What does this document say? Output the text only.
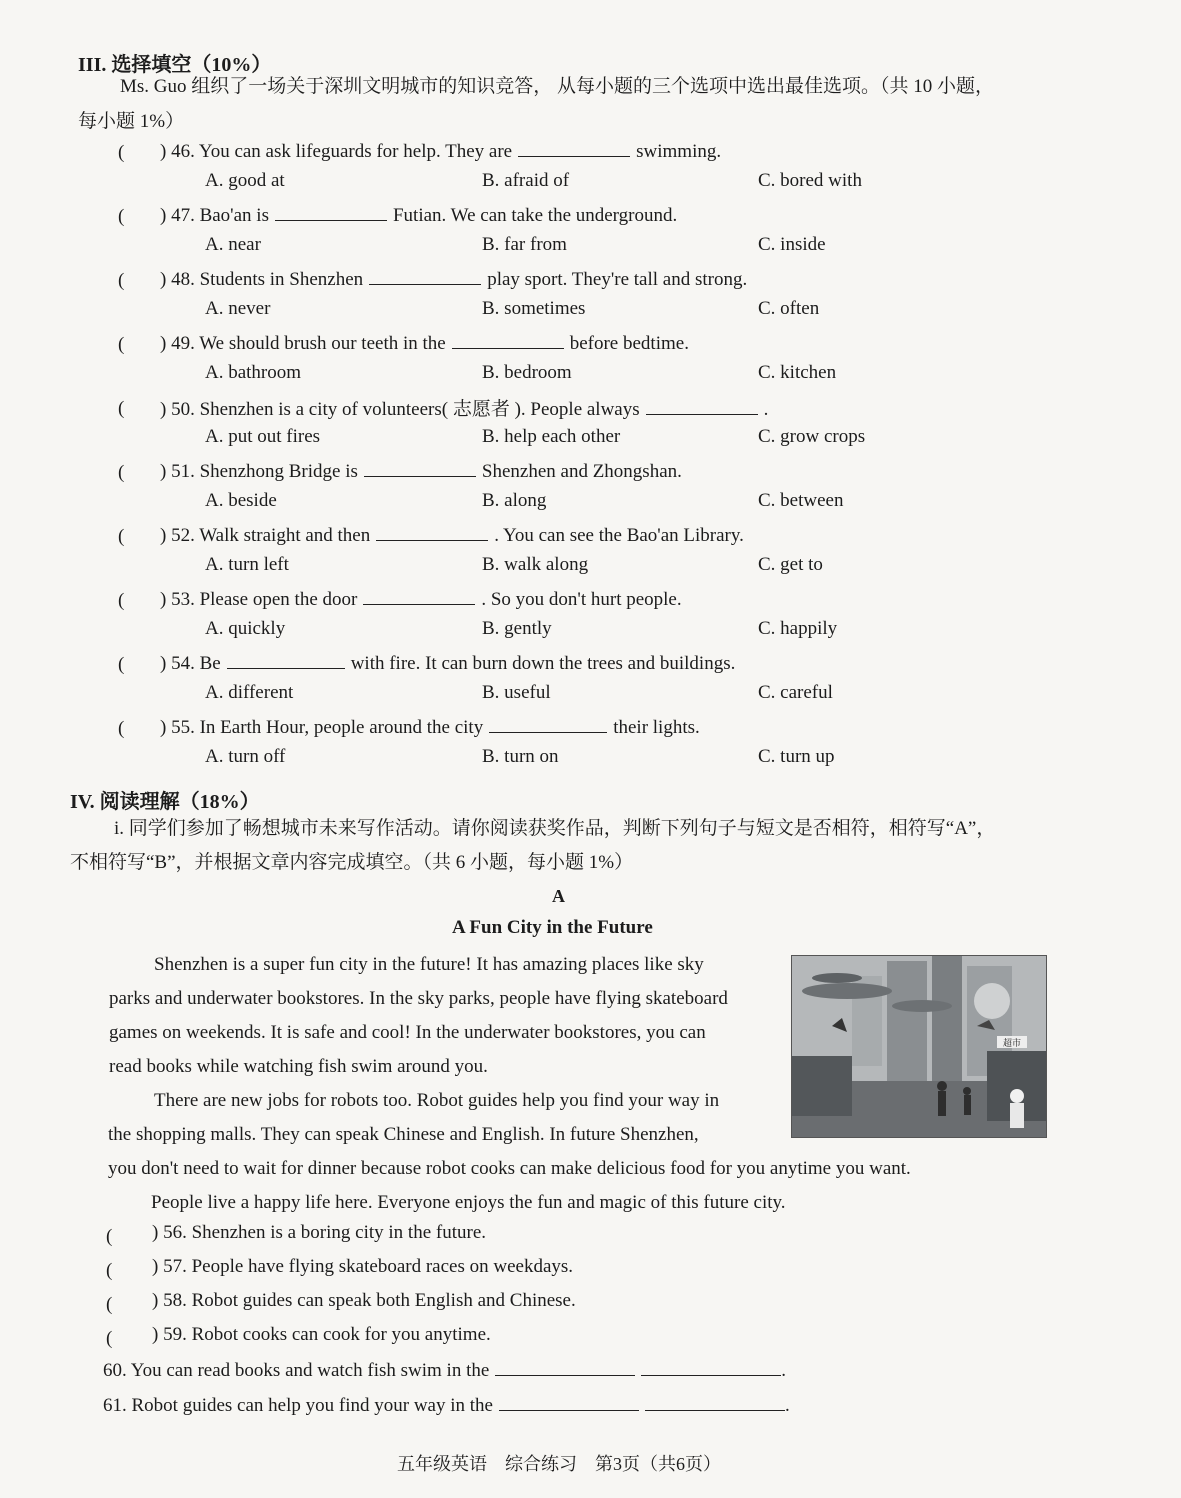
III. 选择填空（10%）
Ms. Guo 组织了一场关于深圳文明城市的知识竞答， 从每小题的三个选项中选出最佳选项。（共 10 小题，
每小题 1%）
( ) 46. You can ask lifeguards for help. They are	swimming.
A. good at	B. afraid of	C. bored with
( ) 47. Bao'an is	Futian. We can take the underground.
A. near	B. far from	C. inside
( ) 48. Students in Shenzhen	play sport. They're tall and strong.
A. never	B. sometimes	C. often
( ) 49. We should brush our teeth in the	before bedtime.
A. bathroom	B. bedroom	C. kitchen
( ) 50. Shenzhen is a city of volunteers( 志愿者 ). People always	.
A. put out fires	B. help each other	C. grow crops
( ) 51. Shenzhong Bridge is	Shenzhen and Zhongshan.
A. beside	B. along	C. between
( ) 52. Walk straight and then	. You can see the Bao'an Library.
A. turn left	B. walk along	C. get to
( ) 53. Please open the door	. So you don't hurt people.
A. quickly	B. gently	C. happily
( ) 54. Be	with fire. It can burn down the trees and buildings.
A. different	B. useful	C. careful
( ) 55. In Earth Hour, people around the city	their lights.
A. turn off	B. turn on	C. turn up
IV. 阅读理解（18%）
i. 同学们参加了畅想城市未来写作活动。请你阅读获奖作品，判断下列句子与短文是否相符，相符写“A”，
不相符写“B”，并根据文章内容完成填空。（共 6 小题，每小题 1%）
A
A Fun City in the Future
Shenzhen is a super fun city in the future! It has amazing places like sky
parks and underwater bookstores. In the sky parks, people have flying skateboard
games on weekends. It is safe and cool! In the underwater bookstores, you can
read books while watching fish swim around you.
There are new jobs for robots too. Robot guides help you find your way in
the shopping malls. They can speak Chinese and English. In future Shenzhen,
you don't need to wait for dinner because robot cooks can make delicious food for you anytime you want.
People live a happy life here. Everyone enjoys the fun and magic of this future city.
超市
( ) 56. Shenzhen is a boring city in the future.
( ) 57. People have flying skateboard races on weekdays.
( ) 58. Robot guides can speak both English and Chinese.
( ) 59. Robot cooks can cook for you anytime.
60. You can read books and watch fish swim in the	.
61. Robot guides can help you find your way in the	.
五年级英语　综合练习　第3页（共6页）
